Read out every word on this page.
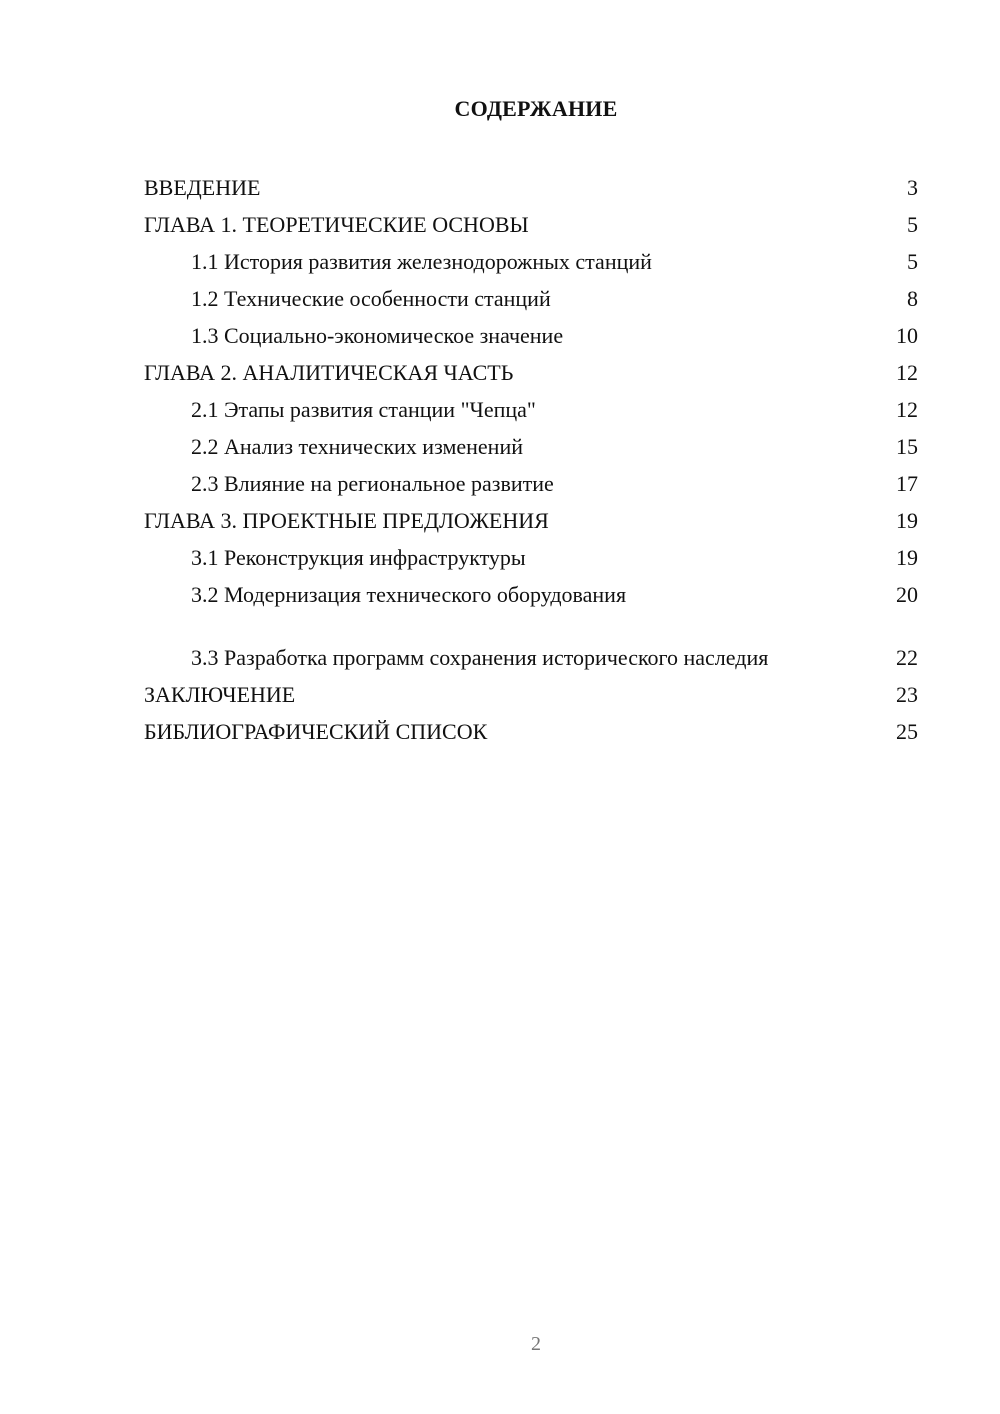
СОДЕРЖАНИЕ
ВВЕДЕНИЕ	3
ГЛАВА 1. ТЕОРЕТИЧЕСКИЕ ОСНОВЫ	5
1.1 История развития железнодорожных станций	5
1.2 Технические особенности станций	8
1.3 Социально-экономическое значение	10
ГЛАВА 2. АНАЛИТИЧЕСКАЯ ЧАСТЬ	12
2.1 Этапы развития станции "Чепца"	12
2.2 Анализ технических изменений	15
2.3 Влияние на региональное развитие	17
ГЛАВА 3. ПРОЕКТНЫЕ ПРЕДЛОЖЕНИЯ	19
3.1 Реконструкция инфраструктуры	19
3.2 Модернизация технического оборудования	20
3.3 Разработка программ сохранения исторического наследия	22
ЗАКЛЮЧЕНИЕ	23
БИБЛИОГРАФИЧЕСКИЙ СПИСОК	25
2
